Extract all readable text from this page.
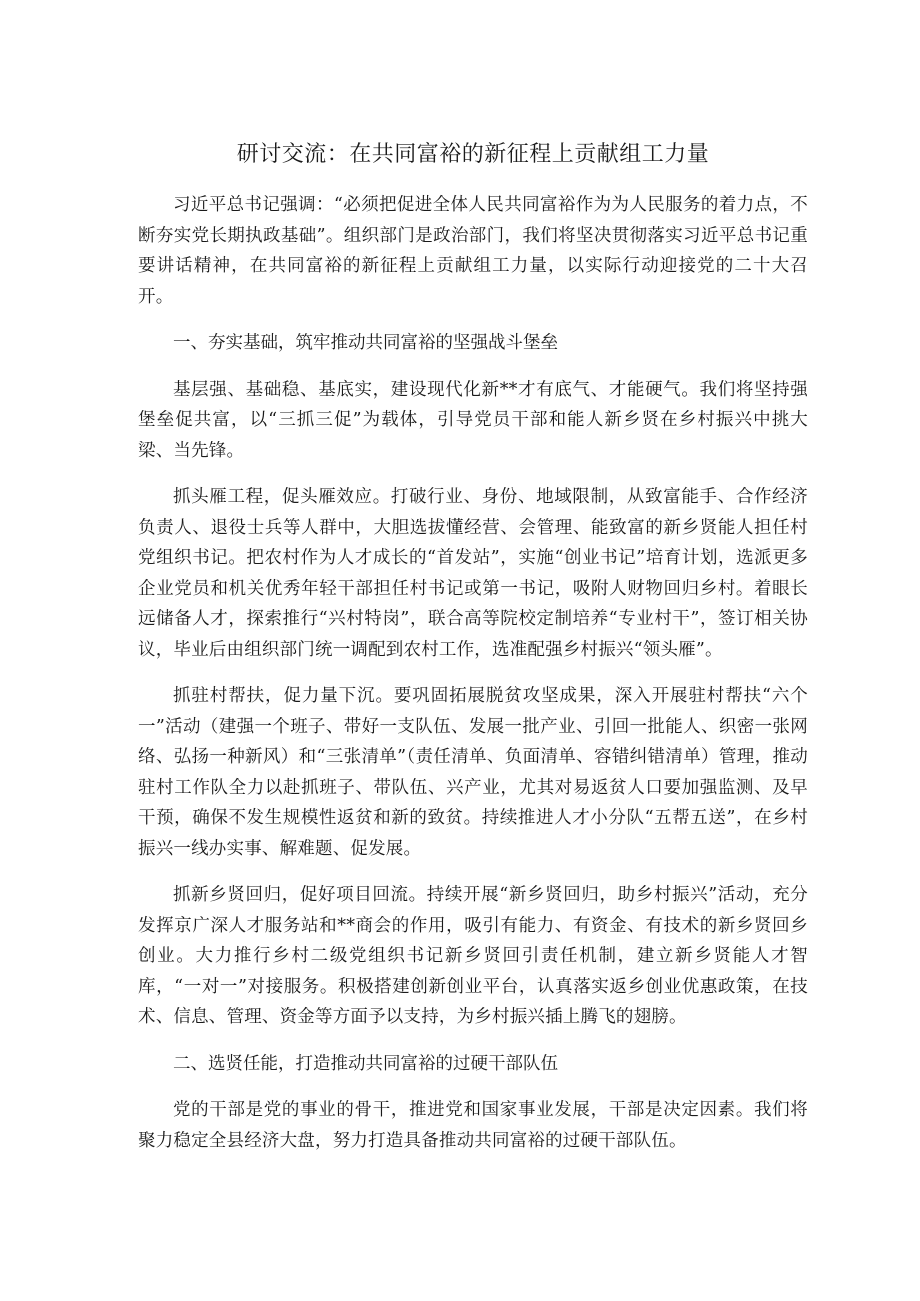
研讨交流：在共同富裕的新征程上贡献组工力量

习近平总书记强调：“必须把促进全体人民共同富裕作为为人民服务的着力点，不断夯实党长期执政基础”。组织部门是政治部门，我们将坚决贯彻落实习近平总书记重要讲话精神，在共同富裕的新征程上贡献组工力量，以实际行动迎接党的二十大召开。

一、夯实基础，筑牢推动共同富裕的坚强战斗堡垒

基层强、基础稳、基底实，建设现代化新**才有底气、才能硬气。我们将坚持强堡垒促共富，以“三抓三促”为载体，引导党员干部和能人新乡贤在乡村振兴中挑大梁、当先锋。

抓头雁工程，促头雁效应。打破行业、身份、地域限制，从致富能手、合作经济负责人、退役士兵等人群中，大胆选拔懂经营、会管理、能致富的新乡贤能人担任村党组织书记。把农村作为人才成长的“首发站”，实施“创业书记”培育计划，选派更多企业党员和机关优秀年轻干部担任村书记或第一书记，吸附人财物回归乡村。着眼长远储备人才，探索推行“兴村特岗”，联合高等院校定制培养“专业村干”，签订相关协议，毕业后由组织部门统一调配到农村工作，选准配强乡村振兴“领头雁”。

抓驻村帮扶，促力量下沉。要巩固拓展脱贫攻坚成果，深入开展驻村帮扶“六个一”活动（建强一个班子、带好一支队伍、发展一批产业、引回一批能人、织密一张网络、弘扬一种新风）和“三张清单”（责任清单、负面清单、容错纠错清单）管理，推动驻村工作队全力以赴抓班子、带队伍、兴产业，尤其对易返贫人口要加强监测、及早干预，确保不发生规模性返贫和新的致贫。持续推进人才小分队“五帮五送”，在乡村振兴一线办实事、解难题、促发展。

抓新乡贤回归，促好项目回流。持续开展“新乡贤回归，助乡村振兴”活动，充分发挥京广深人才服务站和**商会的作用，吸引有能力、有资金、有技术的新乡贤回乡创业。大力推行乡村二级党组织书记新乡贤回引责任机制，建立新乡贤能人才智库，“一对一”对接服务。积极搭建创新创业平台，认真落实返乡创业优惠政策，在技术、信息、管理、资金等方面予以支持，为乡村振兴插上腾飞的翅膀。

二、选贤任能，打造推动共同富裕的过硬干部队伍

党的干部是党的事业的骨干，推进党和国家事业发展，干部是决定因素。我们将聚力稳定全县经济大盘，努力打造具备推动共同富裕的过硬干部队伍。
